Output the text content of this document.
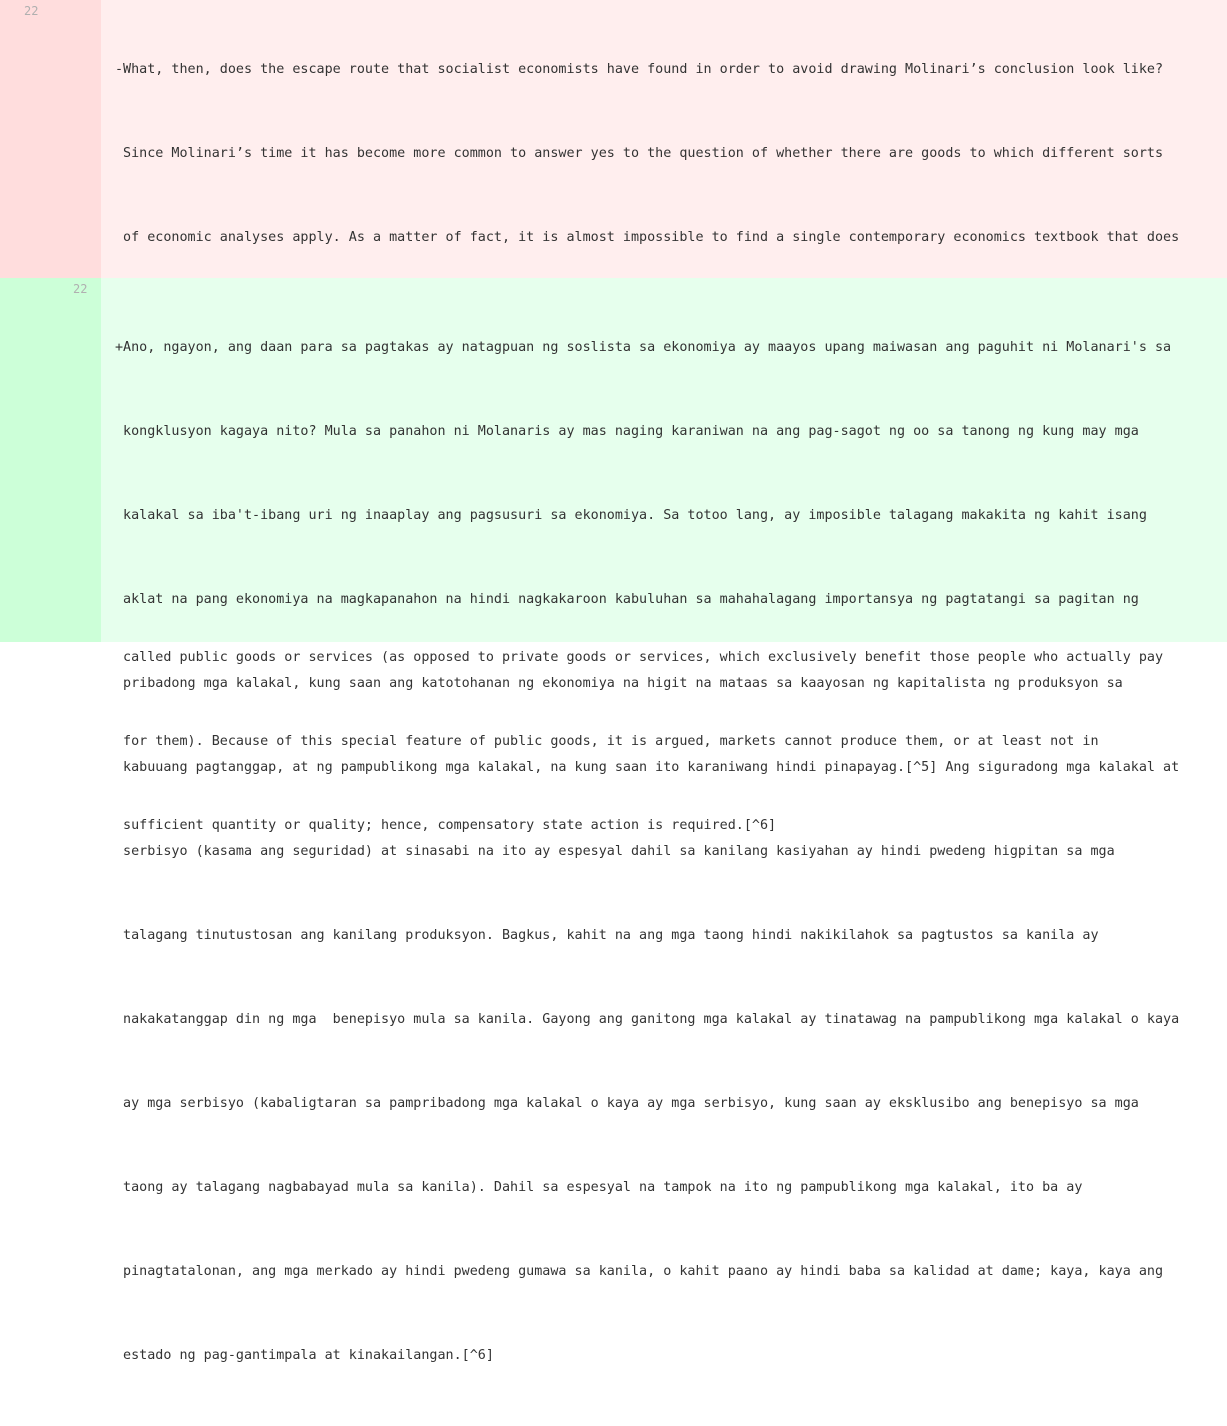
22

-What, then, does the escape route that socialist economists have found in order to avoid drawing Molinari’s conclusion look like?

Since Molinari’s time it has become more common to answer yes to the question of whether there are goods to which different sorts

of economic analyses apply. As a matter of fact, it is almost impossible to find a single contemporary economics textbook that does

called public goods or services (as opposed to private goods or services, which exclusively benefit those people who actually pay

for them). Because of this special feature of public goods, it is argued, markets cannot produce them, or at least not in

sufficient quantity or quality; hence, compensatory state action is required.[^6]

22

+Ano, ngayon, ang daan para sa pagtakas ay natagpuan ng soslista sa ekonomiya ay maayos upang maiwasan ang paguhit ni Molanari's sa

kongklusyon kagaya nito? Mula sa panahon ni Molanaris ay mas naging karaniwan na ang pag-sagot ng oo sa tanong ng kung may mga

kalakal sa iba't-ibang uri ng inaaplay ang pagsusuri sa ekonomiya. Sa totoo lang, ay imposible talagang makakita ng kahit isang

aklat na pang ekonomiya na magkapanahon na hindi nagkakaroon kabuluhan sa mahahalagang importansya ng pagtatangi sa pagitan ng

pribadong mga kalakal, kung saan ang katotohanan ng ekonomiya na higit na mataas sa kaayosan ng kapitalista ng produksyon sa

kabuuang pagtanggap, at ng pampublikong mga kalakal, na kung saan ito karaniwang hindi pinapayag.[^5] Ang siguradong mga kalakal at

serbisyo (kasama ang seguridad) at sinasabi na ito ay espesyal dahil sa kanilang kasiyahan ay hindi pwedeng higpitan sa mga

talagang tinutustosan ang kanilang produksyon. Bagkus, kahit na ang mga taong hindi nakikilahok sa pagtustos sa kanila ay

nakakatanggap din ng mga  benepisyo mula sa kanila. Gayong ang ganitong mga kalakal ay tinatawag na pampublikong mga kalakal o kaya

ay mga serbisyo (kabaligtaran sa pampribadong mga kalakal o kaya ay mga serbisyo, kung saan ay eksklusibo ang benepisyo sa mga

taong ay talagang nagbabayad mula sa kanila). Dahil sa espesyal na tampok na ito ng pampublikong mga kalakal, ito ba ay

pinagtatalonan, ang mga merkado ay hindi pwedeng gumawa sa kanila, o kahit paano ay hindi baba sa kalidad at dame; kaya, kaya ang

estado ng pag-gantimpala at kinakailangan.[^6]
